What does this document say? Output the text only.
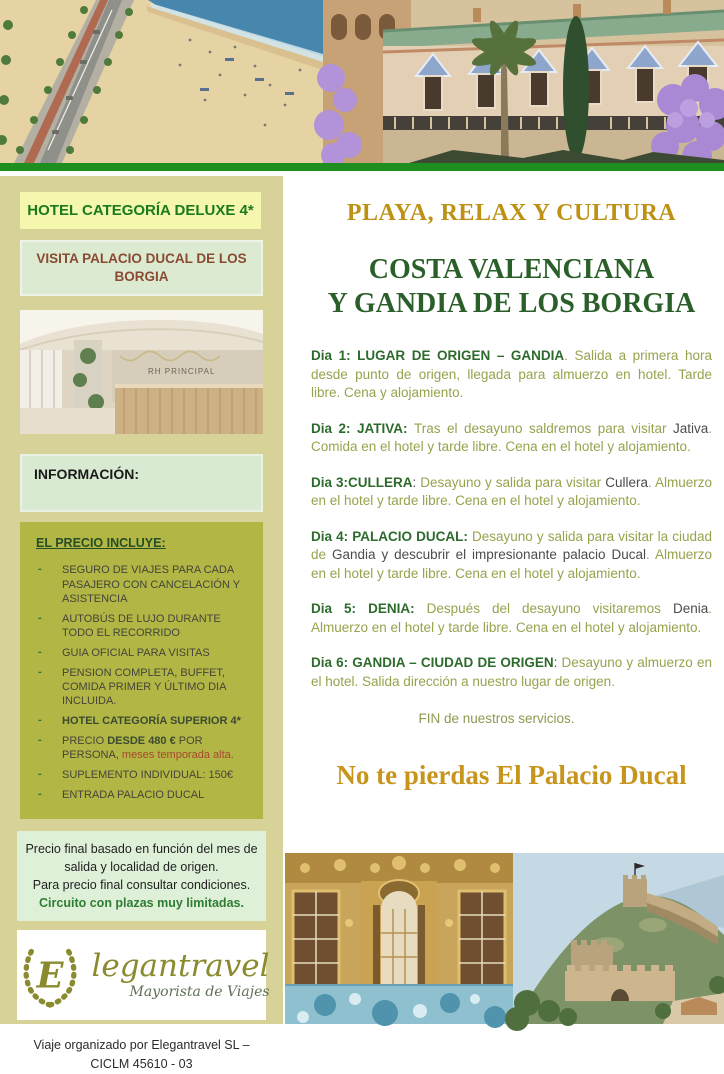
HOTEL CATEGORÍA DELUXE 4*
VISITA PALACIO DUCAL DE LOS BORGIA
RH PRINCIPAL
INFORMACIÓN:

EL PRECIO INCLUYE:

- SEGURO DE VIAJES PARA CADA PASAJERO CON CANCELACIÓN Y ASISTENCIA
- AUTOBÚS DE LUJO DURANTE TODO EL RECORRIDO
- GUIA OFICIAL PARA VISITAS
- PENSION COMPLETA, BUFFET, COMIDA PRIMER Y ÚLTIMO DIA INCLUIDA.
- HOTEL CATEGORÍA SUPERIOR 4*
- PRECIO DESDE 480 € POR PERSONA, meses temporada alta.
- SUPLEMENTO INDIVIDUAL: 150€
- ENTRADA PALACIO DUCAL
Precio final basado en función del mes de salida y localidad de origen.
Para precio final consultar condiciones.
Circuito con plazas muy limitadas.
E legantravel
Mayorista de Viajes
Viaje organizado por Elegantravel SL –
CICLM 45610 - 03
PLAYA, RELAX Y CULTURA
COSTA VALENCIANA
Y GANDIA DE LOS BORGIA

Dia 1: LUGAR DE ORIGEN – GANDIA. Salida a primera hora desde punto de origen, llegada para almuerzo en hotel. Tarde libre. Cena y alojamiento.

Dia 2: JATIVA: Tras el desayuno saldremos para visitar Jativa. Comida en el hotel y tarde libre. Cena en el hotel y alojamiento.

Dia 3:CULLERA: Desayuno y salida para visitar Cullera. Almuerzo en el hotel y tarde libre. Cena en el hotel y alojamiento.

Dia 4: PALACIO DUCAL: Desayuno y salida para visitar la ciudad de Gandia y descubrir el impresionante palacio Ducal. Almuerzo en el hotel y tarde libre. Cena en el hotel y alojamiento.

Dia 5: DENIA: Después del desayuno visitaremos Denia. Almuerzo en el hotel y tarde libre. Cena en el hotel y alojamiento.

Dia 6: GANDIA – CIUDAD DE ORIGEN: Desayuno y almuerzo en el hotel. Salida dirección a nuestro lugar de origen.

FIN de nuestros servicios.
No te pierdas El Palacio Ducal
